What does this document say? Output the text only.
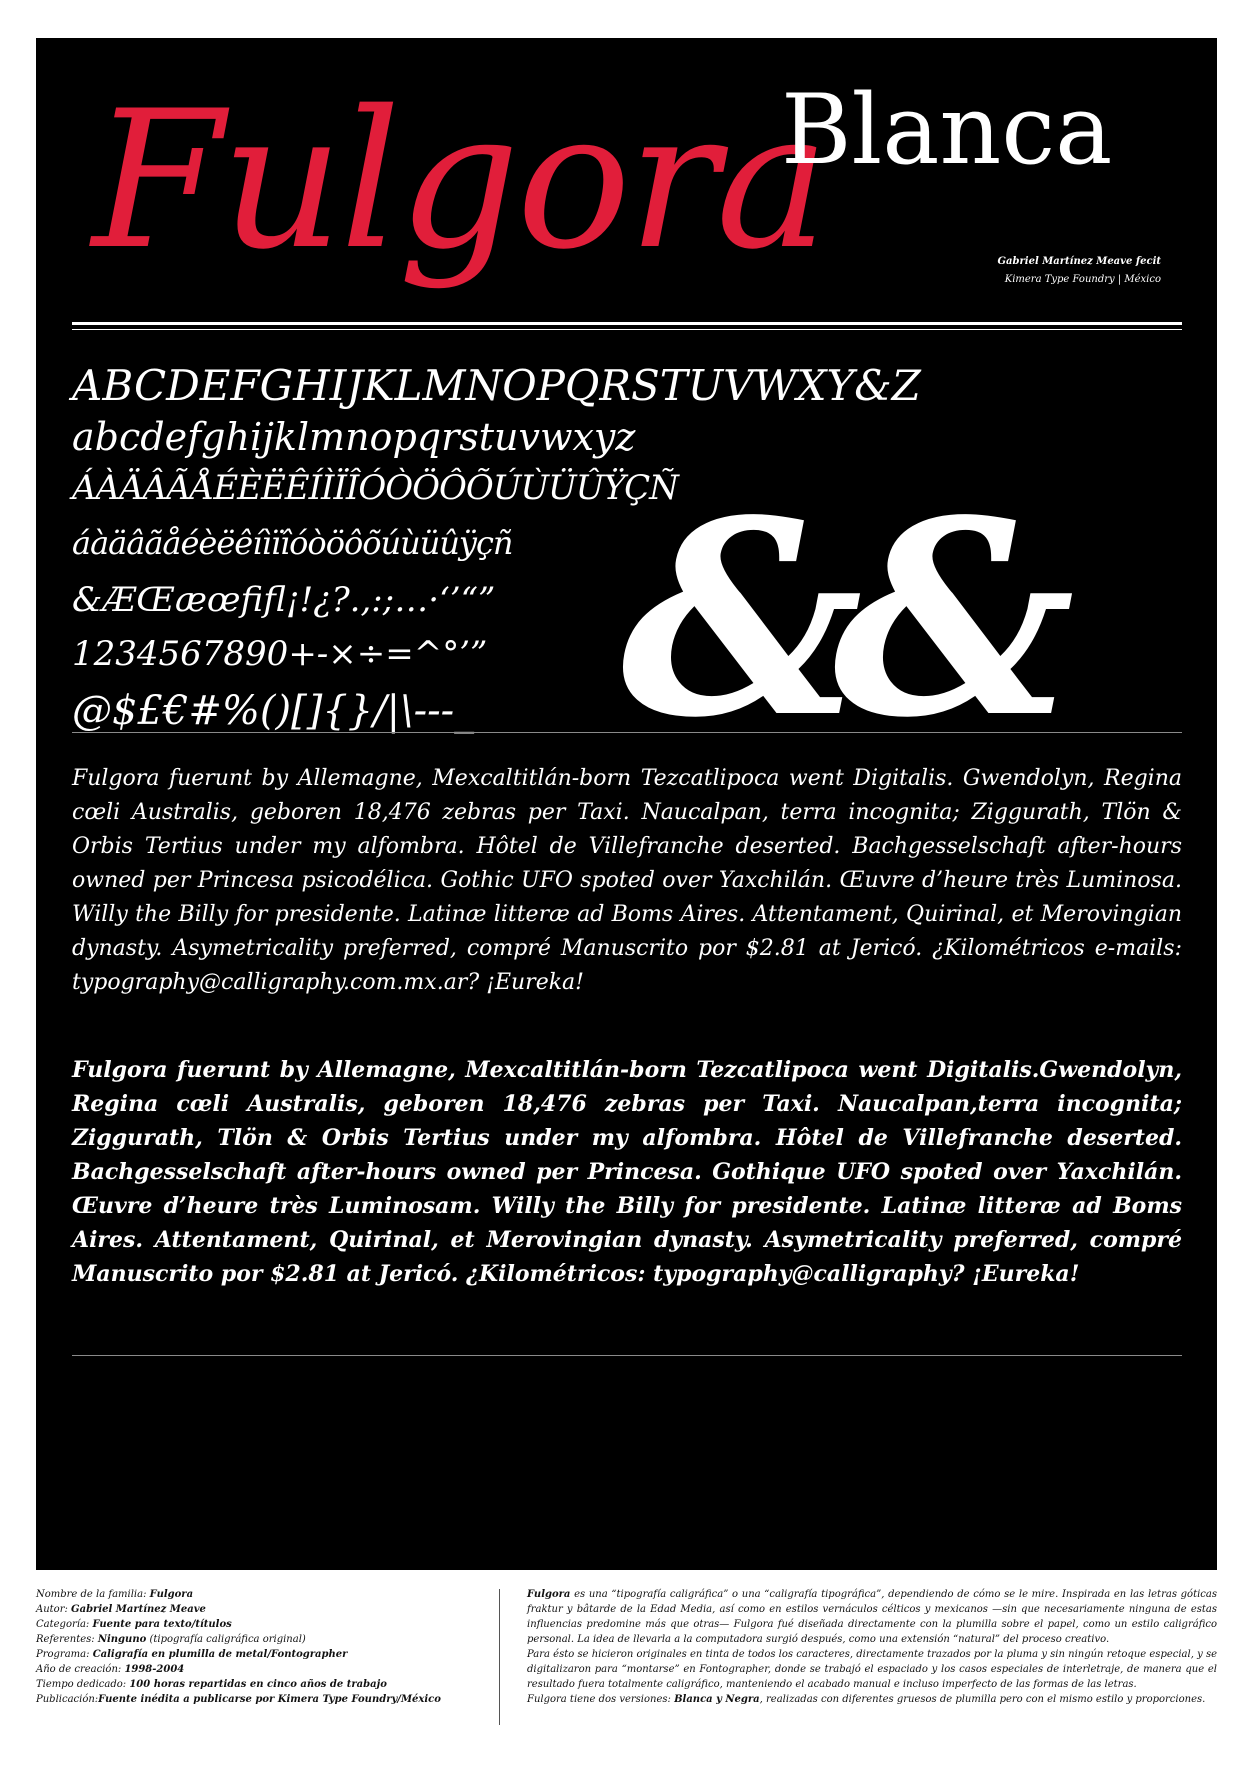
Fulgora
Blanca
Gabriel Martínez Meave fecit
Kimera Type Foundry | México
ABCDEFGHIJKLMNOPQRSTUVWXY&Z
abcdefghijklmnopqrstuvwxyz
ÁÀÄÂÃÅÉÈËÊÍÌÏÎÓÒÖÔÕÚÙÜÛŸÇÑ
áàäâãåéèëêíìïîóòöôõúùüûÿçñ
&ÆŒæœfifl¡!¿?.,:;…·‘’“”
1234567890+-×÷=^°’”
@$£€#%()[]{}/|\---_ &&
Fulgora fuerunt by Allemagne, Mexcaltitlán-born Tezcatlipoca went Digitalis. Gwendolyn, Regina cœli Australis, geboren 18,476 zebras per Taxi. Naucalpan, terra incognita; Ziggurath, Tlön & Orbis Tertius under my alfombra. Hôtel de Villefranche deserted. Bachgesselschaft after-hours owned per Princesa psicodélica. Gothic UFO spoted over Yaxchilán. Œuvre d’heure très Luminosa. Willy the Billy for presidente. Latinæ litteræ ad Boms Aires. Attentament, Quirinal, et Merovingian dynasty. Asymetricality preferred, compré Manuscrito por $2.81 at Jericó. ¿Kilométricos e-mails: typography@calligraphy.com.mx.ar? ¡Eureka!
Fulgora fuerunt by Allemagne, Mexcaltitlán-born Tezcatlipoca went Digitalis.Gwendolyn, Regina cœli Australis, geboren 18,476 zebras per Taxi. Naucalpan,terra incognita; Ziggurath, Tlön & Orbis Tertius under my alfombra. Hôtel de Villefranche deserted. Bachgesselschaft after-hours owned per Princesa. Gothique UFO spoted over Yaxchilán. Œuvre d’heure très Luminosam. Willy the Billy for presidente. Latinæ litteræ ad Boms Aires. Attentament, Quirinal, et Merovingian dynasty. Asymetricality preferred, compré Manuscrito por $2.81 at Jericó. ¿Kilométricos: typography@calligraphy? ¡Eureka!
Nombre de la familia: Fulgora
Autor: Gabriel Martínez Meave
Categoría: Fuente para texto/títulos
Referentes: Ninguno (tipografía caligráfica original)
Programa: Caligrafía en plumilla de metal/Fontographer
Año de creación: 1998-2004
Tiempo dedicado: 100 horas repartidas en cinco años de trabajo
Publicación:Fuente inédita a publicarse por Kimera Type Foundry/México

Fulgora es una “tipografía caligráfica” o una “caligrafía tipográfica”, dependiendo de cómo se le mire. Inspirada en las letras góticas fraktur y bâtarde de la Edad Media, así como en estilos vernáculos célticos y mexicanos —sin que necesariamente ninguna de estas influencias predomine más que otras— Fulgora fué diseñada directamente con la plumilla sobre el papel, como un estilo caligráfico personal. La idea de llevarla a la computadora surgió después, como una extensión “natural” del proceso creativo.

Para ésto se hicieron originales en tinta de todos los caracteres, directamente trazados por la pluma y sin ningún retoque especial, y se digitalizaron para “montarse” en Fontographer, donde se trabajó el espaciado y los casos especiales de interletraje, de manera que el resultado fuera totalmente caligráfico, manteniendo el acabado manual e incluso imperfecto de las formas de las letras.

Fulgora tiene dos versiones: Blanca y Negra, realizadas con diferentes gruesos de plumilla pero con el mismo estilo y proporciones.
